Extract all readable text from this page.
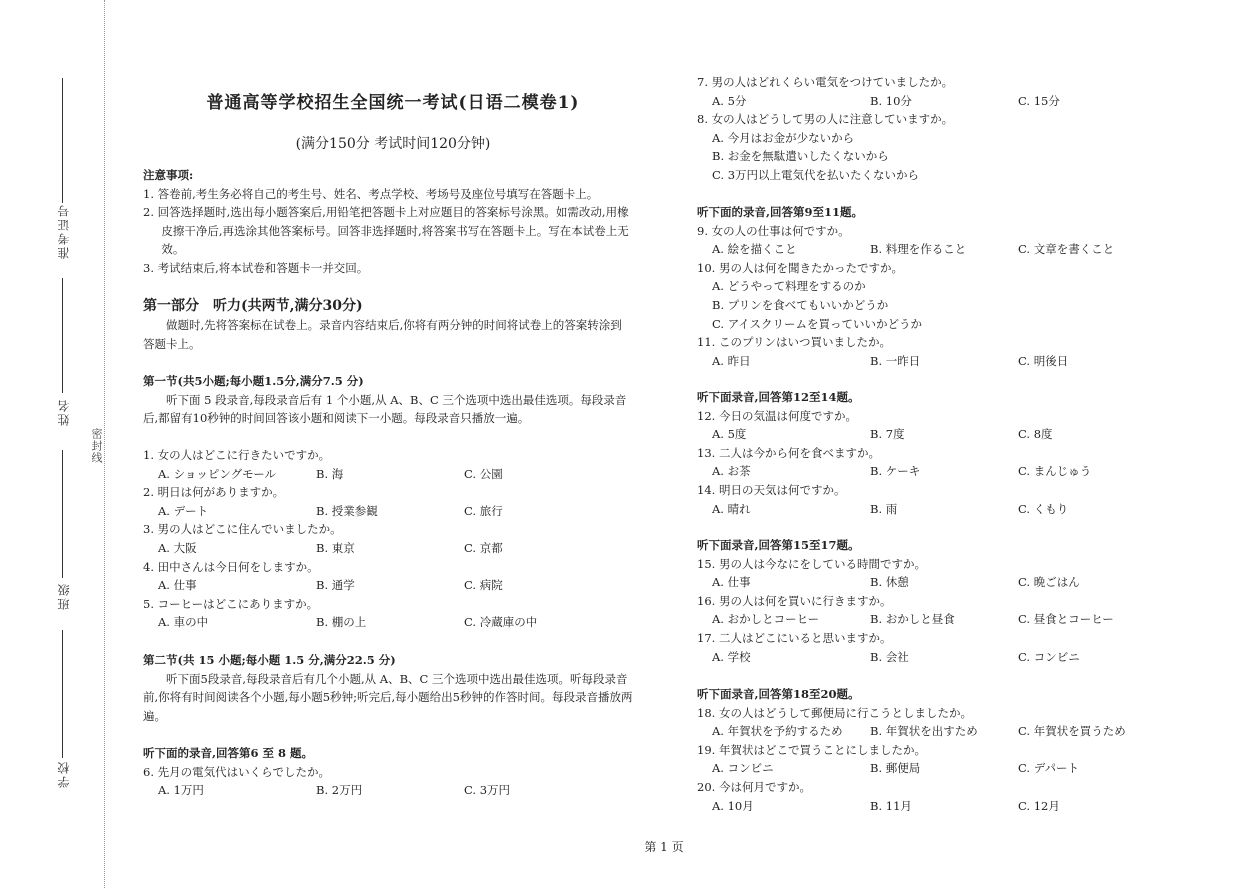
准考证号
姓名
班级
学校
密封线
普通高等学校招生全国统一考试(日语二模卷1)
(满分150分 考试时间120分钟)
注意事项:
1. 答卷前,考生务必将自己的考生号、姓名、考点学校、考场号及座位号填写在答题卡上。
2. 回答选择题时,选出每小题答案后,用铅笔把答题卡上对应题目的答案标号涂黑。如需改动,用橡皮擦干净后,再选涂其他答案标号。回答非选择题时,将答案书写在答题卡上。写在本试卷上无效。
3. 考试结束后,将本试卷和答题卡一并交回。
第一部分　听力(共两节,满分30分)
做题时,先将答案标在试卷上。录音内容结束后,你将有两分钟的时间将试卷上的答案转涂到答题卡上。
第一节(共5小题;每小题1.5分,满分7.5 分)
听下面 5 段录音,每段录音后有 1 个小题,从 A、B、C 三个选项中选出最佳选项。每段录音后,都留有10秒钟的时间回答该小题和阅读下一小题。每段录音只播放一遍。
1. 女の人はどこに行きたいですか。
A. ショッピングモール	B. 海	C. 公園
2. 明日は何がありますか。
A. デート	B. 授業参観	C. 旅行
3. 男の人はどこに住んでいましたか。
A. 大阪	B. 東京	C. 京都
4. 田中さんは今日何をしますか。
A. 仕事	B. 通学	C. 病院
5. コーヒーはどこにありますか。
A. 車の中	B. 棚の上	C. 冷蔵庫の中
第二节(共 15 小题;每小题 1.5 分,满分22.5 分)
听下面5段录音,每段录音后有几个小题,从 A、B、C 三个选项中选出最佳选项。听每段录音前,你将有时间阅读各个小题,每小题5秒钟;听完后,每小题给出5秒钟的作答时间。每段录音播放两遍。
听下面的录音,回答第6 至 8 题。
6. 先月の電気代はいくらでしたか。
A. 1万円	B. 2万円	C. 3万円
7. 男の人はどれくらい電気をつけていましたか。
A. 5分	B. 10分	C. 15分
8. 女の人はどうして男の人に注意していますか。
A. 今月はお金が少ないから
B. お金を無駄遣いしたくないから
C. 3万円以上電気代を払いたくないから
听下面的录音,回答第9至11题。
9. 女の人の仕事は何ですか。
A. 絵を描くこと	B. 料理を作ること	C. 文章を書くこと
10. 男の人は何を聞きたかったですか。
A. どうやって料理をするのか
B. プリンを食べてもいいかどうか
C. アイスクリームを買っていいかどうか
11. このプリンはいつ買いましたか。
A. 昨日	B. 一昨日	C. 明後日
听下面录音,回答第12至14题。
12. 今日の気温は何度ですか。
A. 5度	B. 7度	C. 8度
13. 二人は今から何を食べますか。
A. お茶	B. ケーキ	C. まんじゅう
14. 明日の天気は何ですか。
A. 晴れ	B. 雨	C. くもり
听下面录音,回答第15至17题。
15. 男の人は今なにをしている時間ですか。
A. 仕事	B. 休憩	C. 晩ごはん
16. 男の人は何を買いに行きますか。
A. おかしとコーヒー	B. おかしと昼食	C. 昼食とコーヒー
17. 二人はどこにいると思いますか。
A. 学校	B. 会社	C. コンビニ
听下面录音,回答第18至20题。
18. 女の人はどうして郵便局に行こうとしましたか。
A. 年賀状を予約するため B. 年賀状を出すため	C. 年賀状を買うため
19. 年賀状はどこで買うことにしましたか。
A. コンビニ	B. 郵便局	C. デパート
20. 今は何月ですか。
A. 10月	B. 11月	C. 12月
第 1 页
